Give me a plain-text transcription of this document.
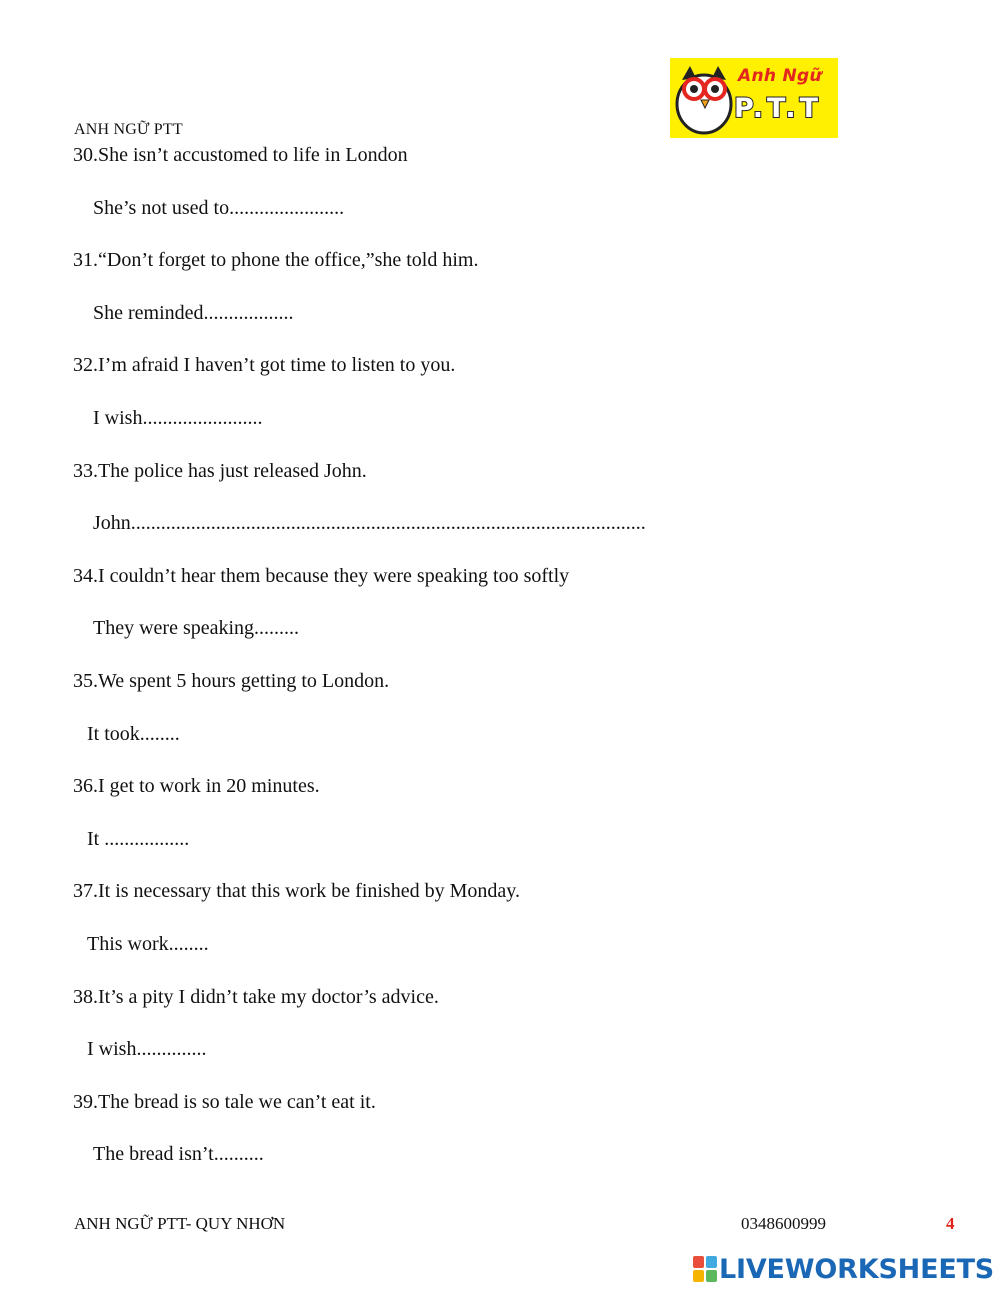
ANH NGỮ PTT
Anh Ngữ
P.T.T
30.She isn’t accustomed to life in London
She’s not used to.......................
31.“Don’t forget to phone the office,”she told him.
She reminded..................
32.I’m afraid I haven’t got time to listen to you.
I wish........................
33.The police has just released John.
John.......................................................................................................
34.I couldn’t hear them because they were speaking too softly
They were speaking.........
35.We spent 5 hours getting to London.
It took........
36.I get to work in 20 minutes.
It .................
37.It is necessary that this work be finished by Monday.
This work........
38.It’s a pity I didn’t take my doctor’s advice.
I wish..............
39.The bread is so tale we can’t eat it.
The bread isn’t..........
ANH NGỮ PTT- QUY NHƠN	0348600999	4
LIVEWORKSHEETS
